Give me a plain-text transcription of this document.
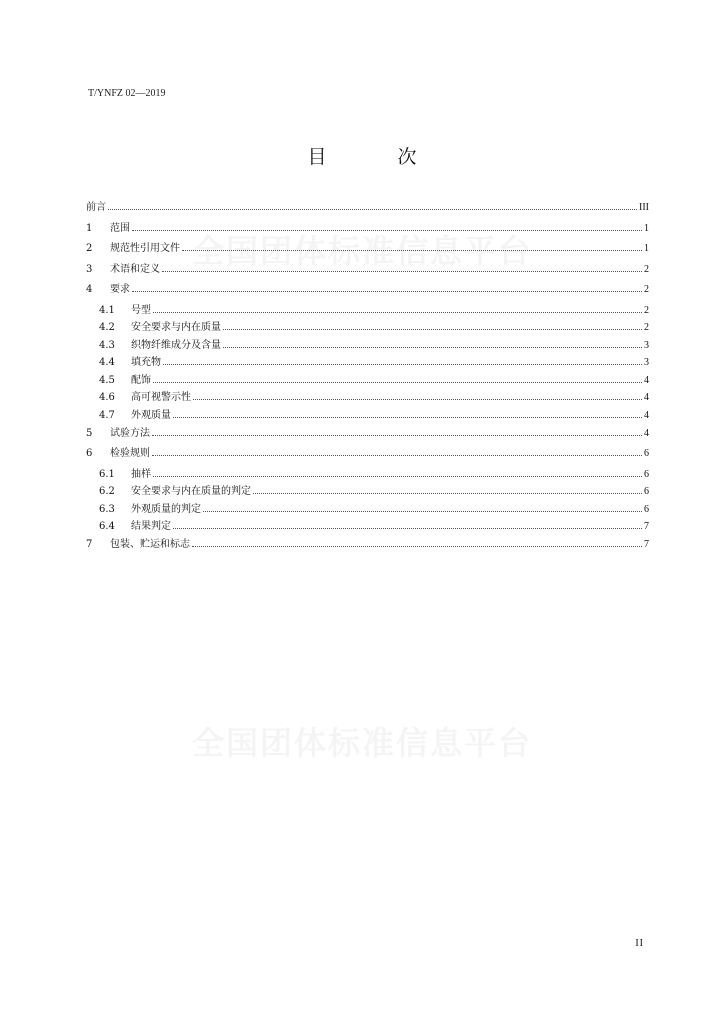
T/YNFZ 02—2019
目　次
全国团体标准信息平台
全国团体标准信息平台
前言	III
1	范围	1
2	规范性引用文件	1
3	术语和定义	2
4	要求	2
4.1	号型	2
4.2	安全要求与内在质量	2
4.3	织物纤维成分及含量	3
4.4	填充物	3
4.5	配饰	4
4.6	高可视警示性	4
4.7	外观质量	4
5	试验方法	4
6	检验规则	6
6.1	抽样	6
6.2	安全要求与内在质量的判定	6
6.3	外观质量的判定	6
6.4	结果判定	7
7	包装、贮运和标志	7
II
